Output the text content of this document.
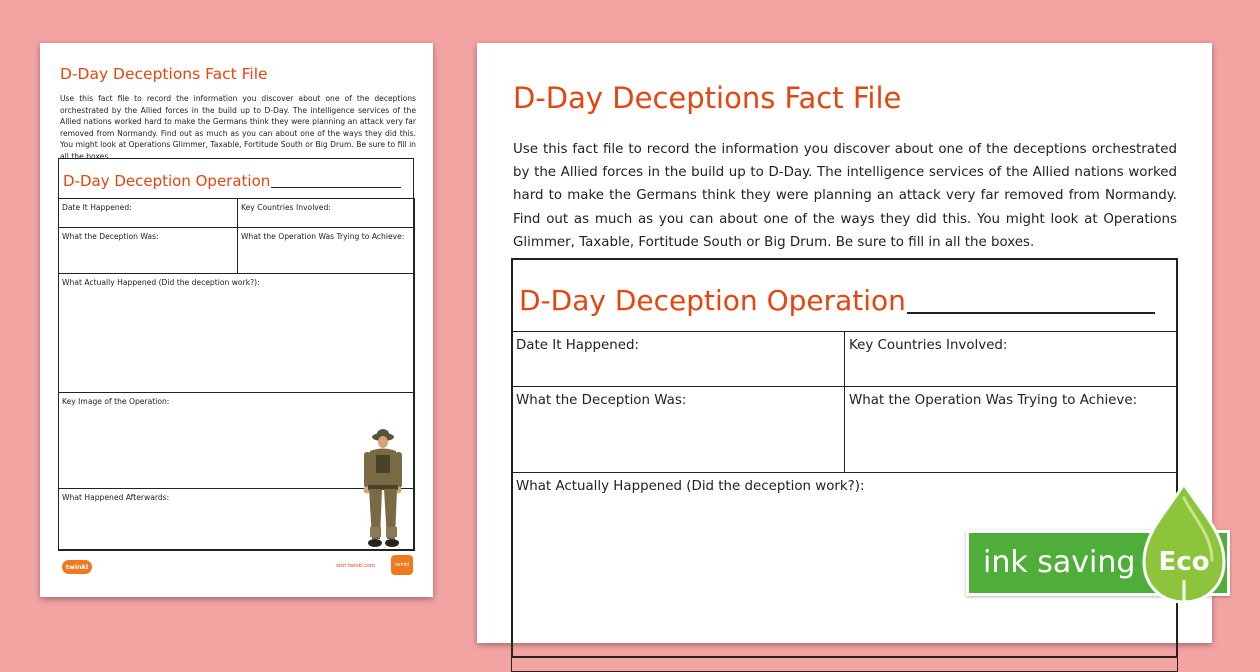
D-Day Deceptions Fact File

Use this fact file to record the information you discover about one of the deceptions orchestrated by the Allied forces in the build up to D-Day. The intelligence services of the Allied nations worked hard to make the Germans think they were planning an attack very far removed from Normandy. Find out as much as you can about one of the ways they did this. You might look at Operations Glimmer, Taxable, Fortitude South or Big Drum. Be sure to fill in all the boxes.

D-Day Deception Operation
Date It Happened:	Key Countries Involved:
What the Deception Was:	What the Operation Was Trying to Achieve:
What Actually Happened (Did the deception work?):
Key Image of the Operation:
What Happened Afterwards:
twinkl	visit twinkl.com	twinkl
D-Day Deceptions Fact File

Use this fact file to record the information you discover about one of the deceptions orchestrated by the Allied forces in the build up to D-Day. The intelligence services of the Allied nations worked hard to make the Germans think they were planning an attack very far removed from Normandy. Find out as much as you can about one of the ways they did this. You might look at Operations Glimmer, Taxable, Fortitude South or Big Drum. Be sure to fill in all the boxes.

D-Day Deception Operation
Date It Happened:	Key Countries Involved:
What the Deception Was:	What the Operation Was Trying to Achieve:
What Actually Happened (Did the deception work?):
ink saving Eco
